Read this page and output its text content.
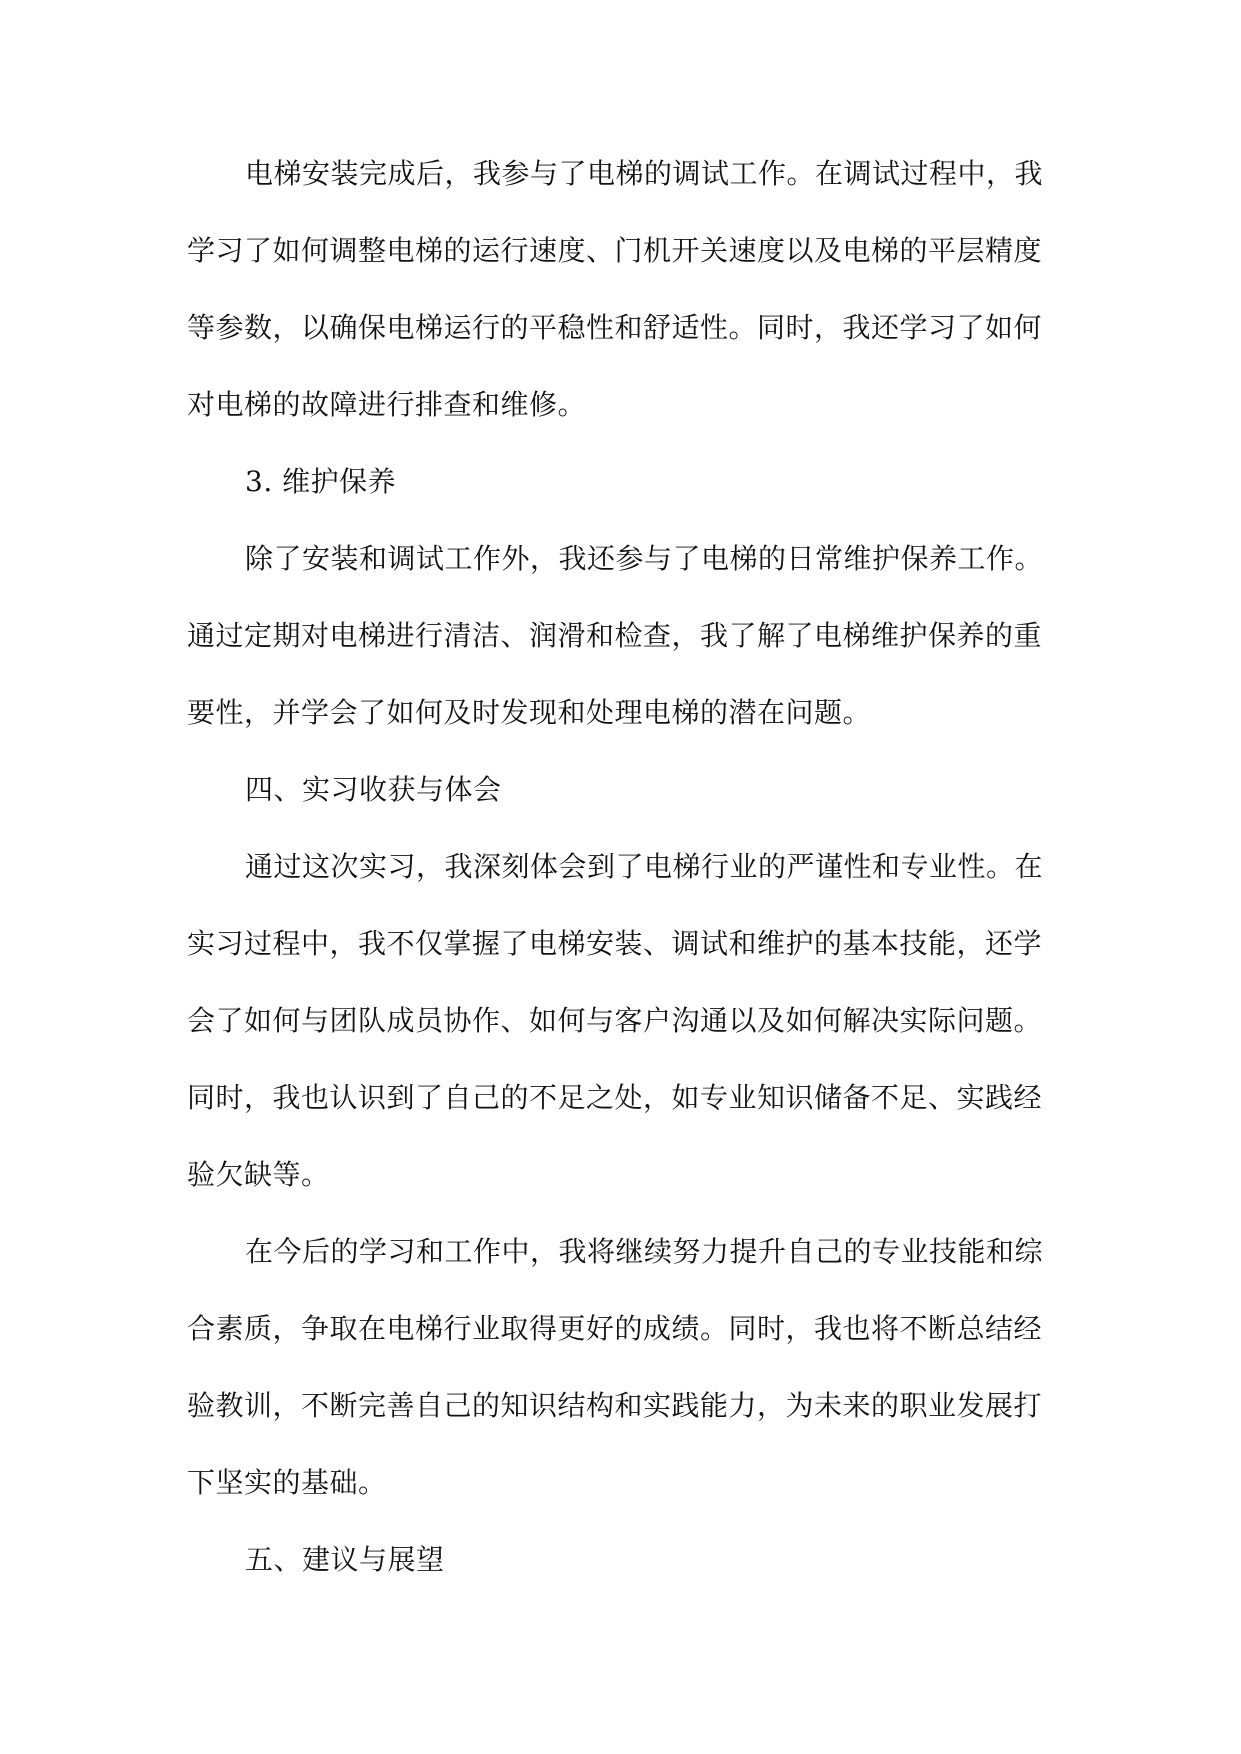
电梯安装完成后，我参与了电梯的调试工作。在调试过程中，我
学习了如何调整电梯的运行速度、门机开关速度以及电梯的平层精度
等参数，以确保电梯运行的平稳性和舒适性。同时，我还学习了如何
对电梯的故障进行排查和维修。
3. 维护保养
除了安装和调试工作外，我还参与了电梯的日常维护保养工作。
通过定期对电梯进行清洁、润滑和检查，我了解了电梯维护保养的重
要性，并学会了如何及时发现和处理电梯的潜在问题。
四、实习收获与体会
通过这次实习，我深刻体会到了电梯行业的严谨性和专业性。在
实习过程中，我不仅掌握了电梯安装、调试和维护的基本技能，还学
会了如何与团队成员协作、如何与客户沟通以及如何解决实际问题。
同时，我也认识到了自己的不足之处，如专业知识储备不足、实践经
验欠缺等。
在今后的学习和工作中，我将继续努力提升自己的专业技能和综
合素质，争取在电梯行业取得更好的成绩。同时，我也将不断总结经
验教训，不断完善自己的知识结构和实践能力，为未来的职业发展打
下坚实的基础。
五、建议与展望
